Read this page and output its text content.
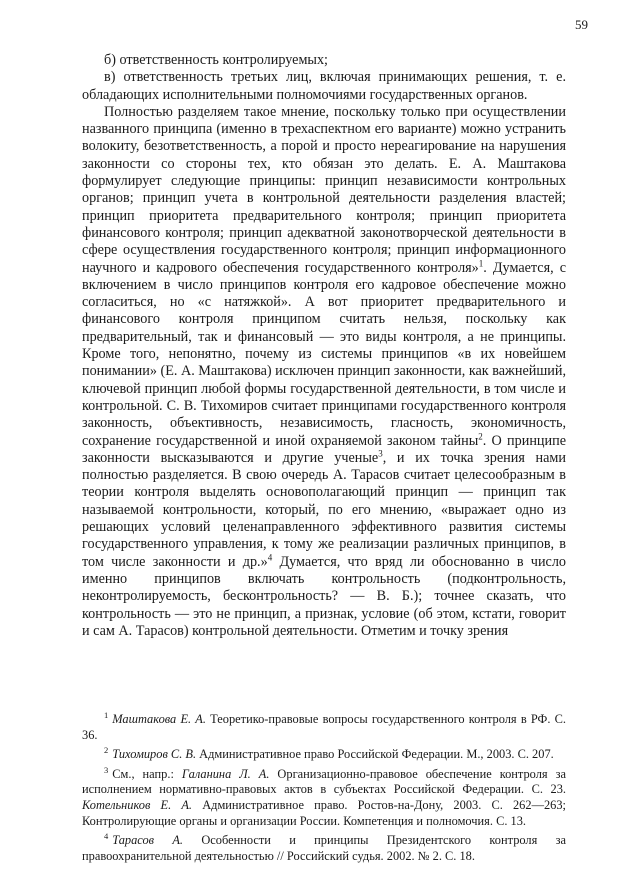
59

б) ответственность контролируемых;

в) ответственность третьих лиц, включая принимающих решения, т. е. обладающих исполнительными полномочиями государственных органов.

Полностью разделяем такое мнение, поскольку только при осуществлении названного принципа (именно в трехаспектном его варианте) можно устранить волокиту, безответственность, а порой и просто нереагирование на нарушения законности со стороны тех, кто обязан это делать. Е. А. Маштакова формулирует следующие принципы: принцип независимости контрольных органов; принцип учета в контрольной деятельности разделения властей; принцип приоритета предварительного контроля; принцип приоритета финансового контроля; принцип адекватной законотворческой деятельности в сфере осуществления государственного контроля; принцип информационного научного и кадрового обеспечения государственного контроля»$^1$. Думается, с включением в число принципов контроля его кадровое обеспечение можно согласиться, но «с натяжкой». А вот приоритет предварительного и финансового контроля принципом считать нельзя, поскольку как предварительный, так и финансовый — это виды контроля, а не принципы. Кроме того, непонятно, почему из системы принципов «в их новейшем понимании» (Е. А. Маштакова) исключен принцип законности, как важнейший, ключевой принцип любой формы государственной деятельности, в том числе и контрольной. С. В. Тихомиров считает принципами государственного контроля законность, объективность, независимость, гласность, экономичность, сохранение государственной и иной охраняемой законом тайны$^2$. О принципе законности высказываются и другие ученые$^3$, и их точка зрения нами полностью разделяется. В свою очередь А. Тарасов считает целесообразным в теории контроля выделять основополагающий принцип — принцип так называемой контрольности, который, по его мнению, «выражает одно из решающих условий целенаправленного эффективного развития системы государственного управления, к тому же реализации различных принципов, в том числе законности и др.»$^4$ Думается, что вряд ли обоснованно в число именно принципов включать контрольность (подконтрольность, неконтролируемость, бесконтрольность? — В. Б.); точнее сказать, что контрольность — это не принцип, а признак, условие (об этом, кстати, говорит и сам А. Тарасов) контрольной деятельности. Отметим и точку зрения

$^1$ Маштакова Е. А. Теоретико-правовые вопросы государственного контроля в РФ. С. 36.

$^2$ Тихомиров С. В. Административное право Российской Федерации. М., 2003. С. 207.

$^3$ См., напр.: Галанина Л. А. Организационно-правовое обеспечение контроля за исполнением нормативно-правовых актов в субъектах Российской Федерации. С. 23. Котельников Е. А. Административное право. Ростов-на-Дону, 2003. С. 262—263; Контролирующие органы и организации России. Компетенция и полномочия. С. 13.

$^4$ Тарасов А. Особенности и принципы Президентского контроля за правоохранительной деятельностью // Российский судья. 2002. № 2. С. 18.
